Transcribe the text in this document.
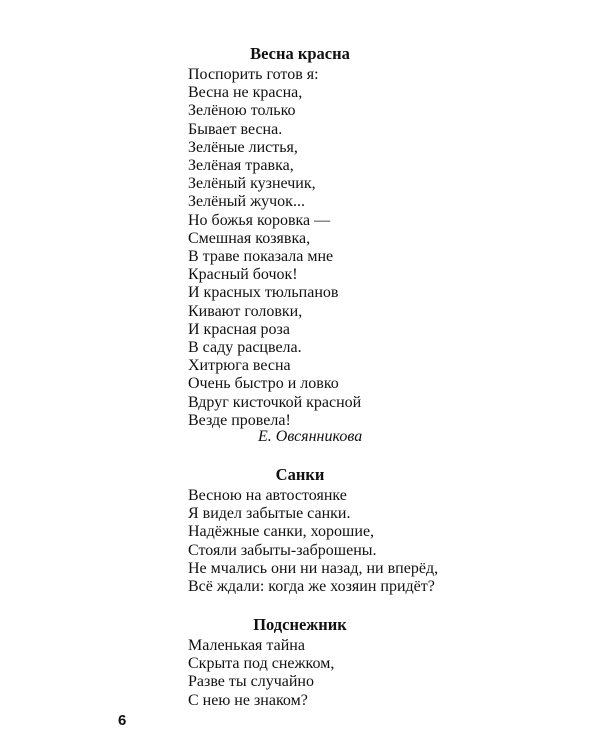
Весна красна
Поспорить готов я:
Весна не красна,
Зелёною только
Бывает весна.
Зелёные листья,
Зелёная травка,
Зелёный кузнечик,
Зелёный жучок...
Но божья коровка —
Смешная козявка,
В траве показала мне
Красный бочок!
И красных тюльпанов
Кивают головки,
И красная роза
В саду расцвела.
Хитрюга весна
Очень быстро и ловко
Вдруг кисточкой красной
Везде провела!
Е. Овсянникова
Санки
Весною на автостоянке
Я видел забытые санки.
Надёжные санки, хорошие,
Стояли забыты-заброшены.
Не мчались они ни назад, ни вперёд,
Всё ждали: когда же хозяин придёт?
Подснежник
Маленькая тайна
Скрыта под снежком,
Разве ты случайно
С нею не знаком?
6
